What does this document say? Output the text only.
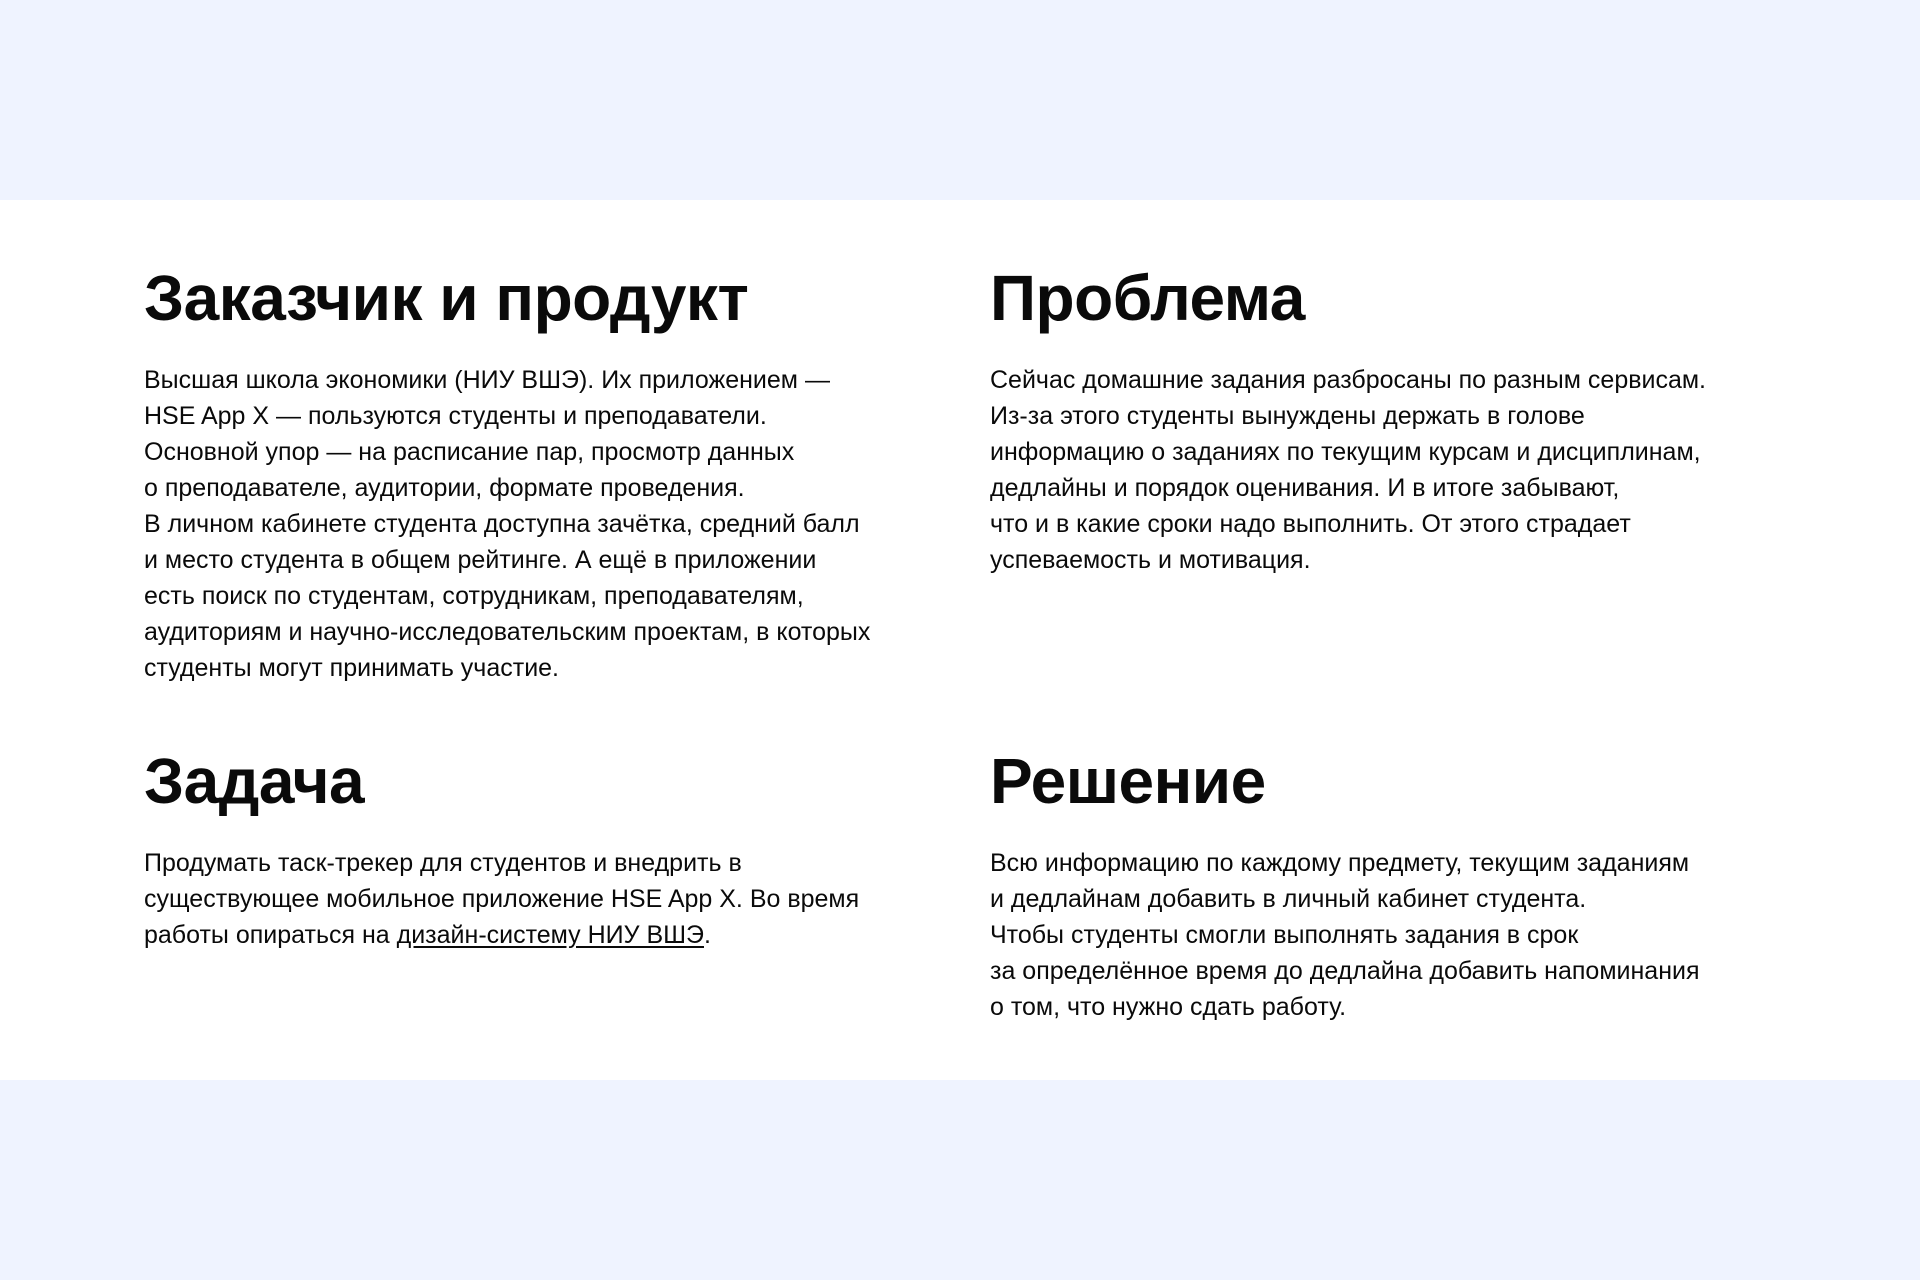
Заказчик и продукт
Высшая школа экономики (НИУ ВШЭ). Их приложением —
HSE App X — пользуются студенты и преподаватели.
Основной упор — на расписание пар, просмотр данных
о преподавателе, аудитории, формате проведения.
В личном кабинете студента доступна зачётка, средний балл
и место студента в общем рейтинге. А ещё в приложении
есть поиск по студентам, сотрудникам, преподавателям,
аудиториям и научно-исследовательским проектам, в которых
студенты могут принимать участие.
Проблема
Сейчас домашние задания разбросаны по разным сервисам.
Из-за этого студенты вынуждены держать в голове
информацию о заданиях по текущим курсам и дисциплинам,
дедлайны и порядок оценивания. И в итоге забывают,
что и в какие сроки надо выполнить. От этого страдает
успеваемость и мотивация.
Задача
Продумать таск-трекер для студентов и внедрить в
существующее мобильное приложение HSE App X. Во время
работы опираться на дизайн-систему НИУ ВШЭ.
Решение
Всю информацию по каждому предмету, текущим заданиям
и дедлайнам добавить в личный кабинет студента.
Чтобы студенты смогли выполнять задания в срок
за определённое время до дедлайна добавить напоминания
о том, что нужно сдать работу.
